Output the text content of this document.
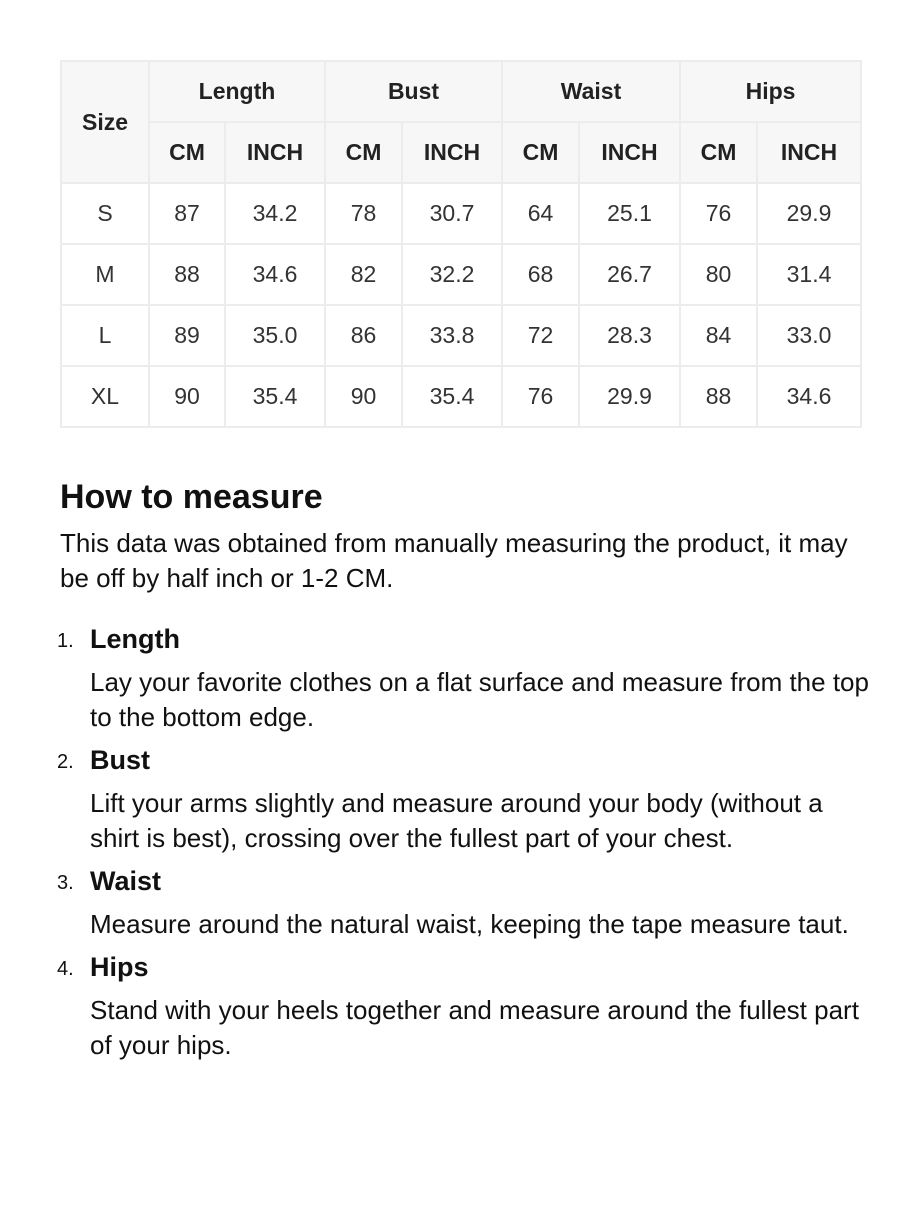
Size	Length		Bust		Waist		Hips	
	CM	INCH	CM	INCH	CM	INCH	CM	INCH
S	87	34.2	78	30.7	64	25.1	76	29.9
M	88	34.6	82	32.2	68	26.7	80	31.4
L	89	35.0	86	33.8	72	28.3	84	33.0
XL	90	35.4	90	35.4	76	29.9	88	34.6
How to measure

This data was obtained from manually measuring the product, it may be off by half inch or 1-2 CM.

1. Length
Lay your favorite clothes on a flat surface and measure from the top to the bottom edge.
2. Bust
Lift your arms slightly and measure around your body (without a shirt is best), crossing over the fullest part of your chest.
3. Waist
Measure around the natural waist, keeping the tape measure taut.
4. Hips
Stand with your heels together and measure around the fullest part of your hips.
